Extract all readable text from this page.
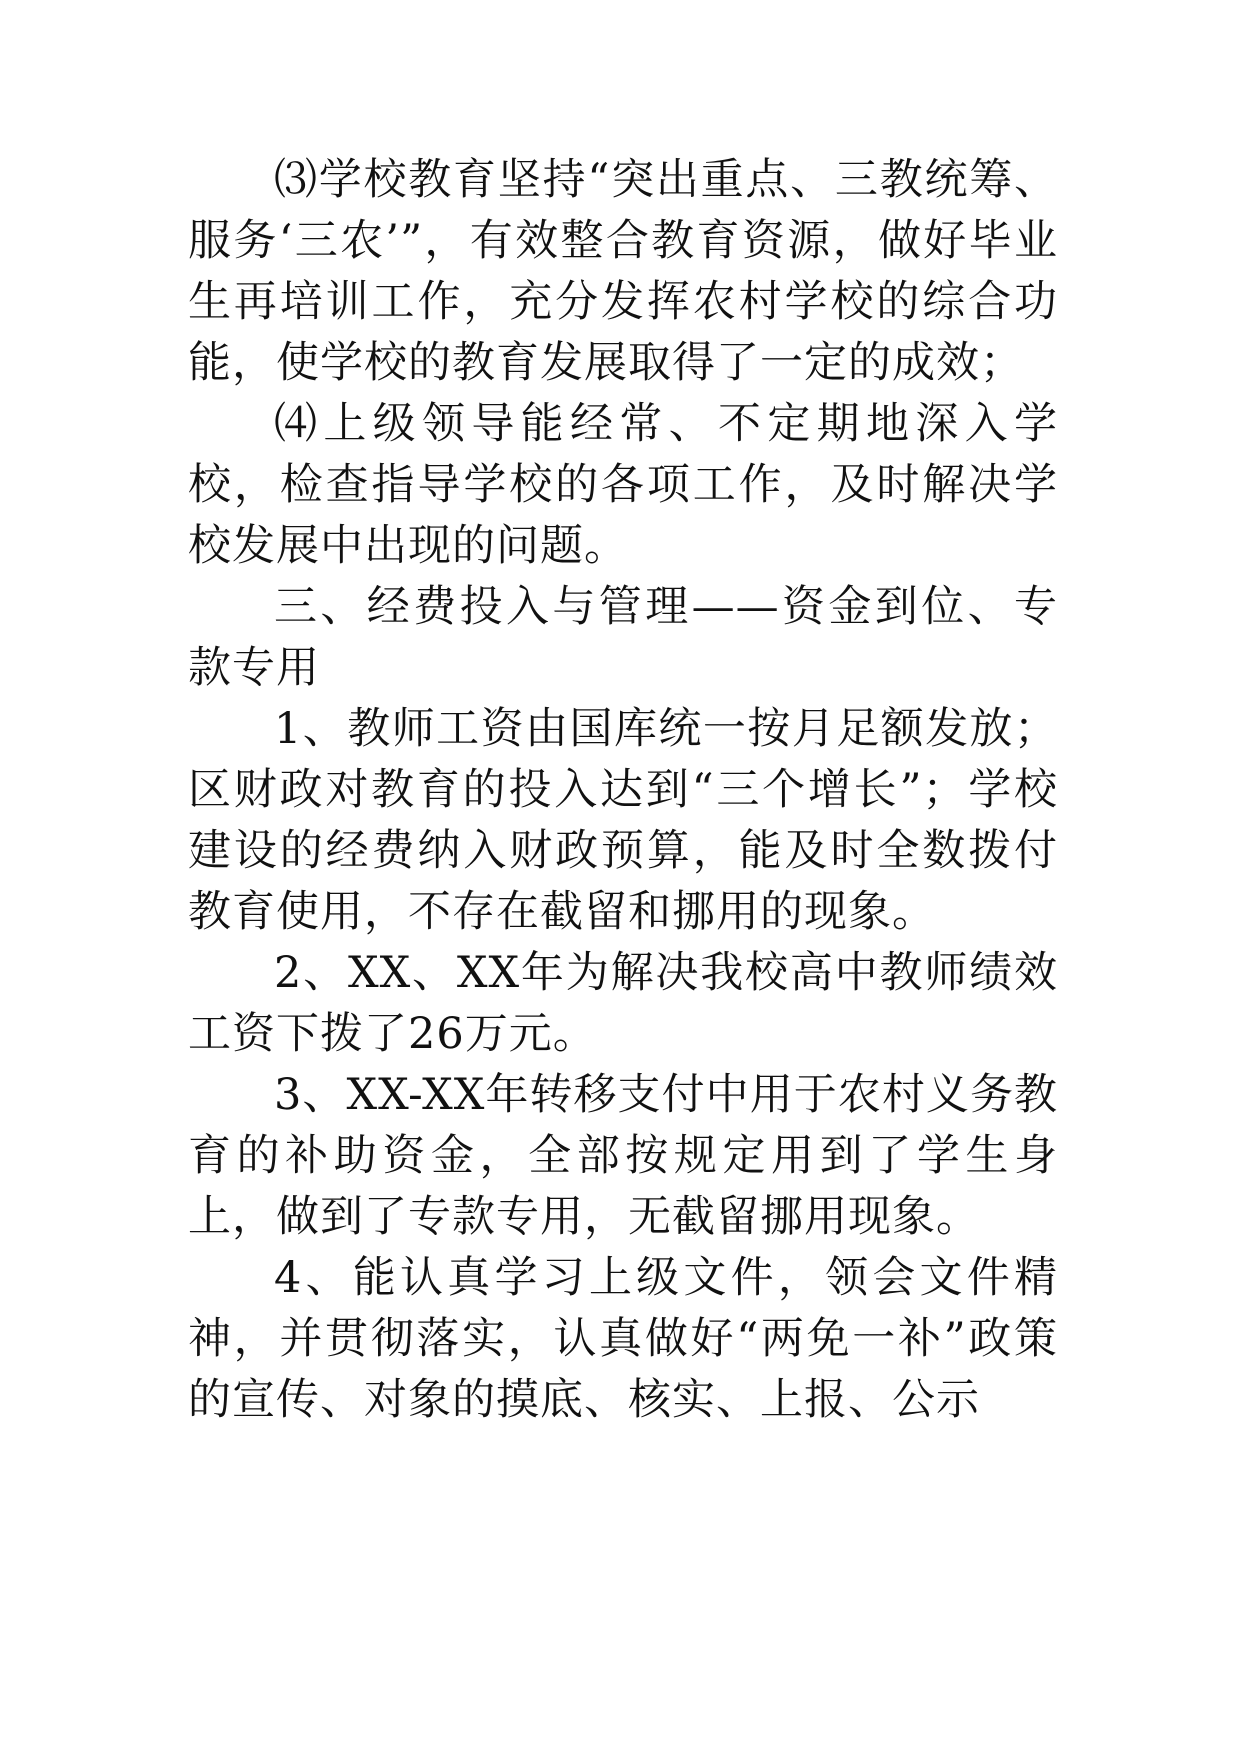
⑶学校教育坚持“突出重点、三教统筹、服务‘三农’”，有效整合教育资源，做好毕业生再培训工作，充分发挥农村学校的综合功能，使学校的教育发展取得了一定的成效；

⑷上级领导能经常、不定期地深入学校，检查指导学校的各项工作，及时解决学校发展中出现的问题。

三、经费投入与管理——资金到位、专款专用

1、教师工资由国库统一按月足额发放；区财政对教育的投入达到“三个增长”；学校建设的经费纳入财政预算，能及时全数拨付教育使用，不存在截留和挪用的现象。

2、XX、XX年为解决我校高中教师绩效工资下拨了26万元。

3、XX-XX年转移支付中用于农村义务教育的补助资金，全部按规定用到了学生身上，做到了专款专用，无截留挪用现象。

4、能认真学习上级文件，领会文件精神，并贯彻落实，认真做好“两免一补”政策的宣传、对象的摸底、核实、上报、公示
